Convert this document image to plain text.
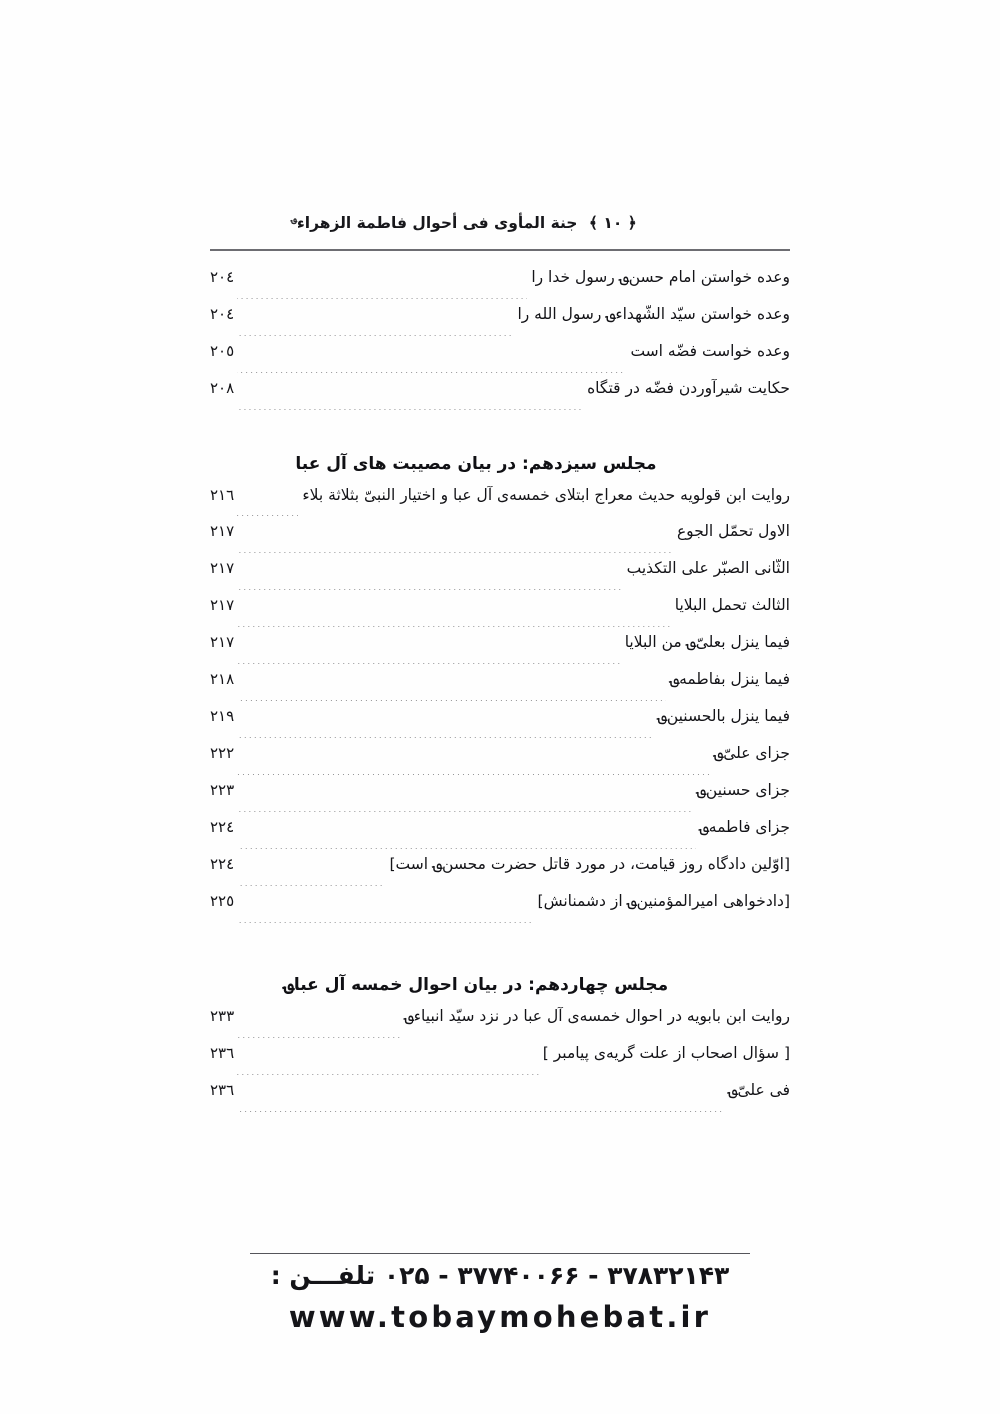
﴿ ۱۰ ﴾ جنة المأوى فی أحوال فاطمة الزهراء؈
وعده خواستن امام حسن؈ رسول خدا را
٢٠٤
وعده خواستن سیّد الشّهداء؈ رسول الله را
٢٠٤
وعده خواست فضّه است
٢٠٥
حکایت شیرآوردن فضّه در قتگاه
٢٠٨
مجلس سیزدهم: در بیان مصیبت های آل عبا
روایت ابن قولویه حدیث معراج ابتلای خمسه‌ی آل عبا و اختیار النبیّ بثلاثة بلاء
٢١٦
الاول تحمّل الجوع
٢١٧
الثّانی الصبّر علی التکذیب
٢١٧
الثالث تحمل البلایا
٢١٧
فیما ینزل بعلیّ؈ من البلایا
٢١٧
فیما ینزل بفاطمه؈
٢١٨
فیما ینزل بالحسنین؈
٢١٩
جزای علیّ؈
٢٢٢
جزای حسنین؈
٢٢٣
جزای فاطمه؈
٢٢٤
[اوّلین دادگاه روز قیامت، در مورد قاتل حضرت محسن؈ است]
٢٢٤
[دادخواهی امیرالمؤمنین؈ از دشمنانش]
٢٢٥
مجلس چهاردهم: در بیان احوال خمسه آل عبا؈
روایت ابن بابویه در احوال خمسه‌ی آل عبا در نزد سیّد انبیاء؈
٢٣٣
[ سؤال اصحاب از علت گریه‌ی پیامبر ]
٢٣٦
فی علیّ؈
٢٣٦
۰۲۵ - ۳۷۷۴۰۰۶۶ - ۳۷۸۳۲۱۴۳ تلفـــن :
www.tobaymohebat.ir
